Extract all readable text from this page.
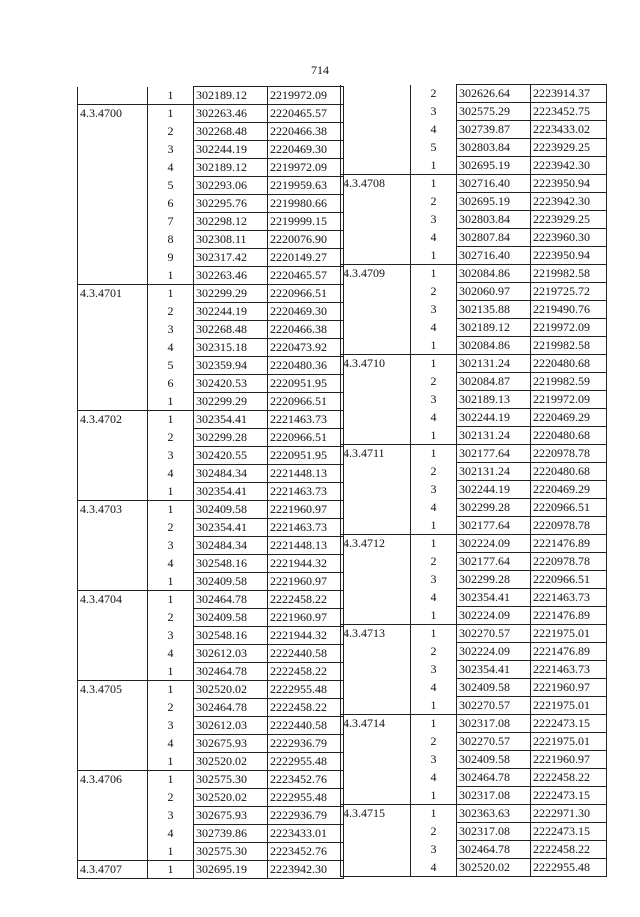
714
	1	302189.12	2219972.09
4.3.4700	1	302263.46	2220465.57
	2	302268.48	2220466.38
	3	302244.19	2220469.30
	4	302189.12	2219972.09
	5	302293.06	2219959.63
	6	302295.76	2219980.66
	7	302298.12	2219999.15
	8	302308.11	2220076.90
	9	302317.42	2220149.27
	1	302263.46	2220465.57
4.3.4701	1	302299.29	2220966.51
	2	302244.19	2220469.30
	3	302268.48	2220466.38
	4	302315.18	2220473.92
	5	302359.94	2220480.36
	6	302420.53	2220951.95
	1	302299.29	2220966.51
4.3.4702	1	302354.41	2221463.73
	2	302299.28	2220966.51
	3	302420.55	2220951.95
	4	302484.34	2221448.13
	1	302354.41	2221463.73
4.3.4703	1	302409.58	2221960.97
	2	302354.41	2221463.73
	3	302484.34	2221448.13
	4	302548.16	2221944.32
	1	302409.58	2221960.97
4.3.4704	1	302464.78	2222458.22
	2	302409.58	2221960.97
	3	302548.16	2221944.32
	4	302612.03	2222440.58
	1	302464.78	2222458.22
4.3.4705	1	302520.02	2222955.48
	2	302464.78	2222458.22
	3	302612.03	2222440.58
	4	302675.93	2222936.79
	1	302520.02	2222955.48
4.3.4706	1	302575.30	2223452.76
	2	302520.02	2222955.48
	3	302675.93	2222936.79
	4	302739.86	2223433.01
	1	302575.30	2223452.76
4.3.4707	1	302695.19	2223942.30
	2	302626.64	2223914.37
	3	302575.29	2223452.75
	4	302739.87	2223433.02
	5	302803.84	2223929.25
	1	302695.19	2223942.30
4.3.4708	1	302716.40	2223950.94
	2	302695.19	2223942.30
	3	302803.84	2223929.25
	4	302807.84	2223960.30
	1	302716.40	2223950.94
4.3.4709	1	302084.86	2219982.58
	2	302060.97	2219725.72
	3	302135.88	2219490.76
	4	302189.12	2219972.09
	1	302084.86	2219982.58
4.3.4710	1	302131.24	2220480.68
	2	302084.87	2219982.59
	3	302189.13	2219972.09
	4	302244.19	2220469.29
	1	302131.24	2220480.68
4.3.4711	1	302177.64	2220978.78
	2	302131.24	2220480.68
	3	302244.19	2220469.29
	4	302299.28	2220966.51
	1	302177.64	2220978.78
4.3.4712	1	302224.09	2221476.89
	2	302177.64	2220978.78
	3	302299.28	2220966.51
	4	302354.41	2221463.73
	1	302224.09	2221476.89
4.3.4713	1	302270.57	2221975.01
	2	302224.09	2221476.89
	3	302354.41	2221463.73
	4	302409.58	2221960.97
	1	302270.57	2221975.01
4.3.4714	1	302317.08	2222473.15
	2	302270.57	2221975.01
	3	302409.58	2221960.97
	4	302464.78	2222458.22
	1	302317.08	2222473.15
4.3.4715	1	302363.63	2222971.30
	2	302317.08	2222473.15
	3	302464.78	2222458.22
	4	302520.02	2222955.48
